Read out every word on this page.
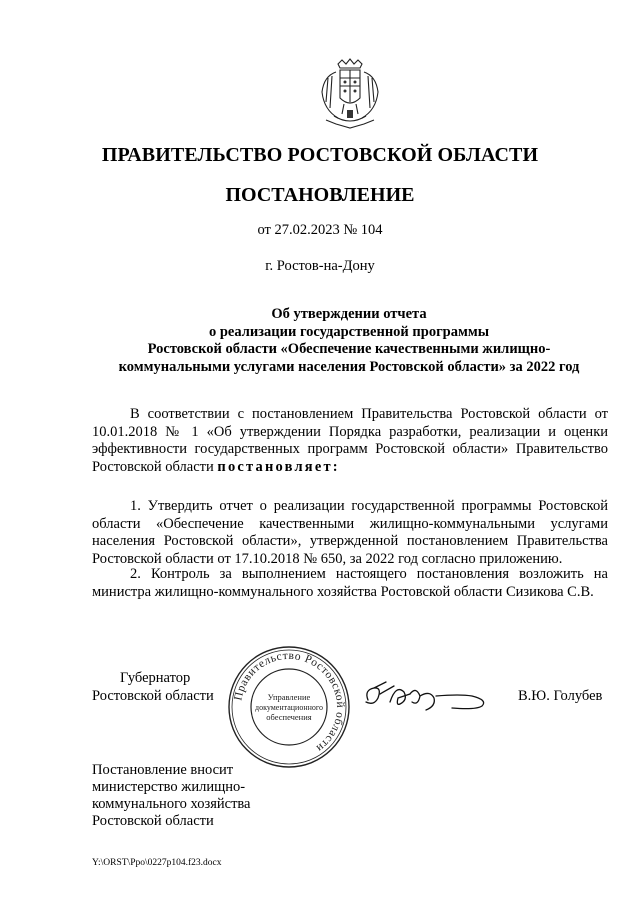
ПРАВИТЕЛЬСТВО РОСТОВСКОЙ ОБЛАСТИ
ПОСТАНОВЛЕНИЕ
от 27.02.2023 № 104
г. Ростов-на-Дону
Об утверждении отчета
о реализации государственной программы
Ростовской области «Обеспечение качественными жилищно-
коммунальными услугами населения Ростовской области» за 2022 год
В соответствии с постановлением Правительства Ростовской области от 10.01.2018 № 1 «Об утверждении Порядка разработки, реализации и оценки эффективности государственных программ Ростовской области» Правительство Ростовской области постановляет:
1. Утвердить отчет о реализации государственной программы Ростовской области «Обеспечение качественными жилищно-коммунальными услугами населения Ростовской области», утвержденной постановлением Правительства Ростовской области от 17.10.2018 № 650, за 2022 год согласно приложению.
2. Контроль за выполнением настоящего постановления возложить на министра жилищно-коммунального хозяйства Ростовской области Сизикова С.В.
Губернатор
Ростовской области Правительство Ростовской области
Управление
документационного
обеспечения
В.Ю. Голубев
Постановление вносит
министерство жилищно-
коммунального хозяйства
Ростовской области
Y:\ORST\Ppo\0227p104.f23.docx
